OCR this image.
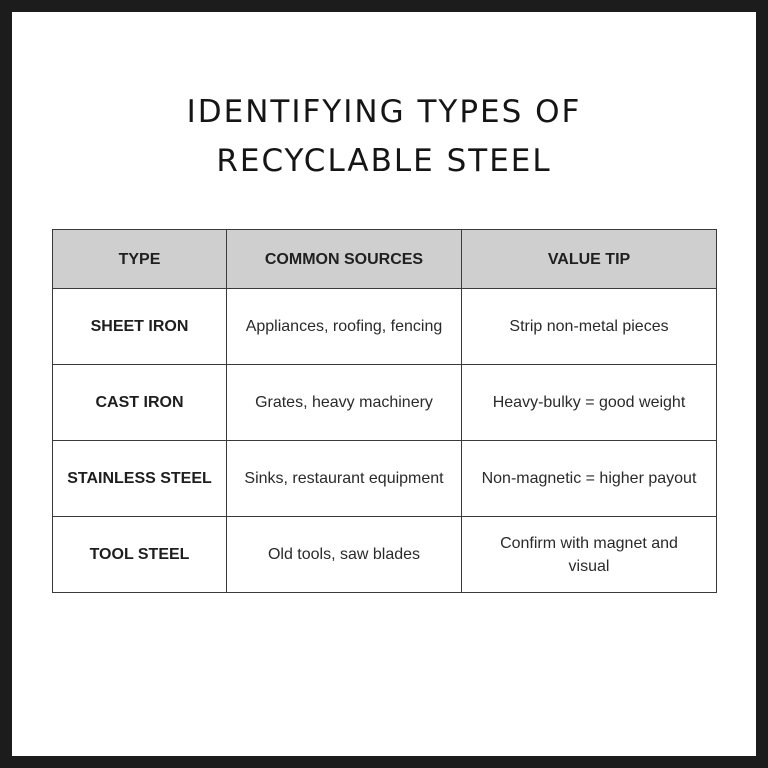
IDENTIFYING TYPES OF
RECYCLABLE STEEL
TYPE	COMMON SOURCES	VALUE TIP
SHEET IRON	Appliances, roofing, fencing	Strip non-metal pieces
CAST IRON	Grates, heavy machinery	Heavy-bulky = good weight
STAINLESS STEEL	Sinks, restaurant equipment	Non-magnetic = higher payout
TOOL STEEL	Old tools, saw blades	Confirm with magnet and visual
